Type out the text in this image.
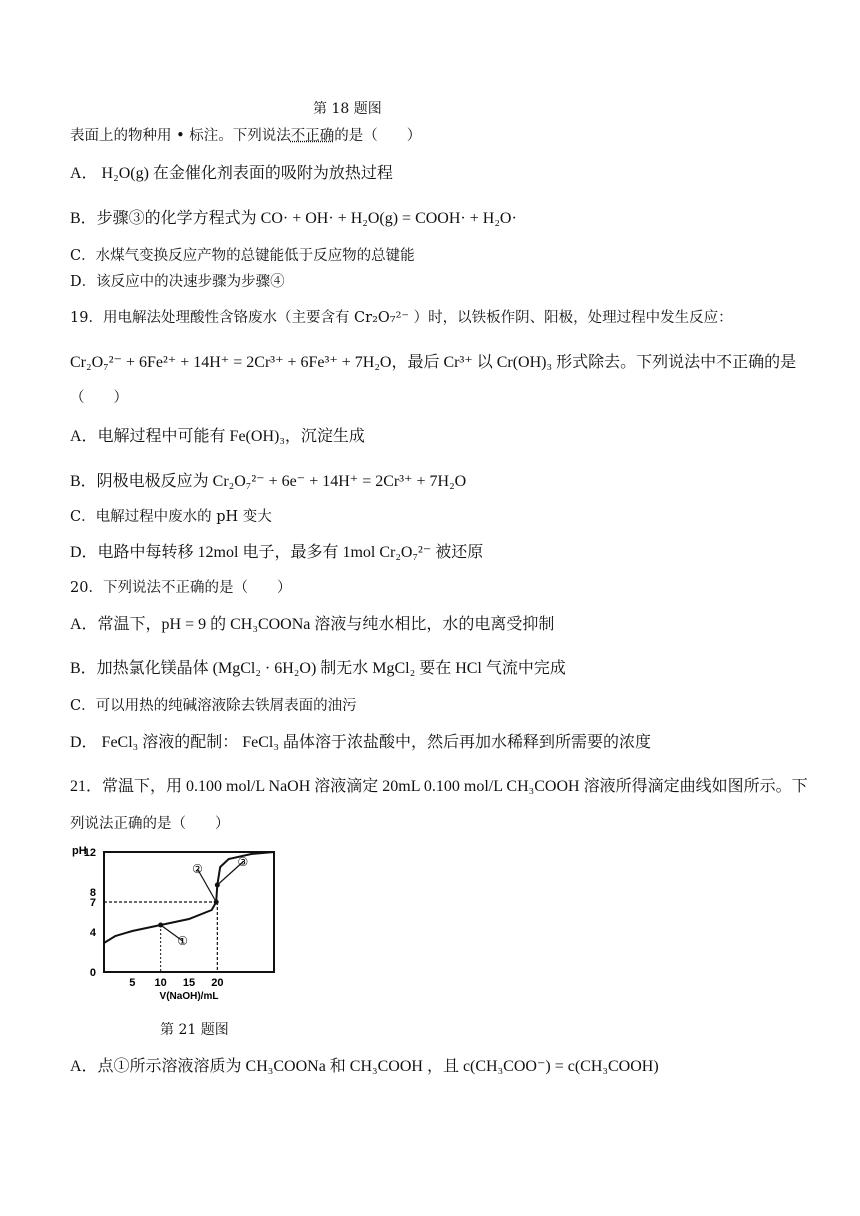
第 18 题图
表面上的物种用 • 标注。下列说法不正确的是（　　）
A． H₂O(g) 在金催化剂表面的吸附为放热过程
B．步骤③的化学方程式为 CO· + OH· + H₂O(g) = COOH· + H₂O·
C．水煤气变换反应产物的总键能低于反应物的总键能
D．该反应中的决速步骤为步骤④
19．用电解法处理酸性含铬废水（主要含有 Cr₂O₇²⁻ ）时，以铁板作阴、阳极，处理过程中发生反应：
Cr₂O₇²⁻ + 6Fe²⁺ + 14H⁺ = 2Cr³⁺ + 6Fe³⁺ + 7H₂O，最后 Cr³⁺ 以 Cr(OH)₃ 形式除去。下列说法中不正确的是
（　　）
A．电解过程中可能有 Fe(OH)₃，沉淀生成
B．阴极电极反应为 Cr₂O₇²⁻ + 6e⁻ + 14H⁺ = 2Cr³⁺ + 7H₂O
C．电解过程中废水的 pH 变大
D．电路中每转移 12mol 电子，最多有 1mol Cr₂O₇²⁻ 被还原
20．下列说法不正确的是（　　）
A．常温下，pH = 9 的 CH₃COONa 溶液与纯水相比，水的电离受抑制
B．加热氯化镁晶体 (MgCl₂ · 6H₂O) 制无水 MgCl₂ 要在 HCl 气流中完成
C．可以用热的纯碱溶液除去铁屑表面的油污
D． FeCl₃ 溶液的配制： FeCl₃ 晶体溶于浓盐酸中，然后再加水稀释到所需要的浓度
21．常温下，用 0.100 mol/L NaOH 溶液滴定 20mL 0.100 mol/L CH₃COOH 溶液所得滴定曲线如图所示。下
列说法正确的是（　　）
pH
12
8
7
4
0
5 10 15 20
V(NaOH)/mL
①
②	③
第 21 题图
A．点①所示溶液溶质为 CH₃COONa 和 CH₃COOH ，且 c(CH₃COO⁻) = c(CH₃COOH)
